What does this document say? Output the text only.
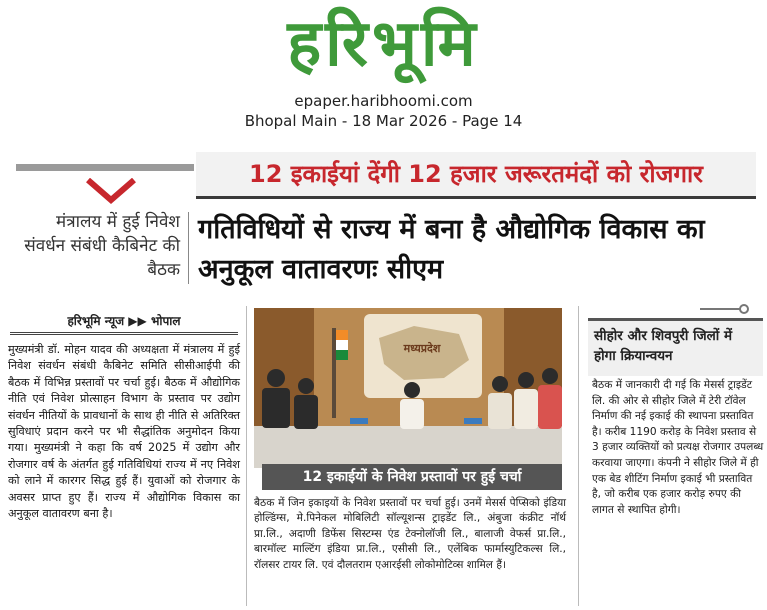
हरिभूमि
epaper.haribhoomi.com
Bhopal Main - 18 Mar 2026 - Page 14
12 इकाईयां देंगी 12 हजार जरूरतमंदों को रोजगार
मंत्रालय में हुई निवेश संवर्धन संबंधी कैबिनेट की बैठक
गतिविधियों से राज्य में बना है औद्योगिक विकास का अनुकूल वातावरणः सीएम
हरिभूमि न्यूज ▶▶ भोपाल

मुख्यमंत्री डॉ. मोहन यादव की अध्यक्षता में मंत्रालय में हुई निवेश संवर्धन संबंधी कैबिनेट समिति सीसीआईपी की बैठक में विभिन्न प्रस्तावों पर चर्चा हुई। बैठक में औद्योगिक नीति एवं निवेश प्रोत्साहन विभाग के प्रस्ताव पर उद्योग संवर्धन नीतियों के प्रावधानों के साथ ही नीति से अतिरिक्त सुविधाएं प्रदान करने पर भी सैद्धांतिक अनुमोदन किया गया। मुख्यमंत्री ने कहा कि वर्ष 2025 में उद्योग और रोजगार वर्ष के अंतर्गत हुई गतिविधियां राज्य में नए निवेश को लाने में कारगर सिद्ध हुई हैं। युवाओं को रोजगार के अवसर प्राप्त हुए हैं। राज्य में औद्योगिक विकास का अनुकूल वातावरण बना है।

मध्यप्रदेश
12 इकाईयों के निवेश प्रस्तावों पर हुई चर्चा

बैठक में जिन इकाइयों के निवेश प्रस्तावों पर चर्चा हुई। उनमें मेसर्स पेप्सिको इंडिया होल्डिंग्स, मे.पिनेकल मोबिलिटी सॉल्यूशन्स ट्राइडेंट लि., अंबुजा कंक्रीट नॉर्थ प्रा.लि., अदाणी डिफेंस सिस्टम्स एंड टेक्नोलॉजी लि., बालाजी वेफर्स प्रा.लि., बारमॉल्ट माल्टिंग इंडिया प्रा.लि., एसीसी लि., एलेंबिक फार्मास्युटिकल्स लि., रॉलसर टायर लि. एवं दौलतराम एआरईसी लोकोमोटिव्स शामिल हैं।

सीहोर और शिवपुरी जिलों में होगा क्रियान्वयन

बैठक में जानकारी दी गई कि मेसर्स ट्राइडेंट लि. की ओर से सीहोर जिले में टेरी टॉवेल निर्माण की नई इकाई की स्थापना प्रस्तावित है। करीब 1190 करोड़ के निवेश प्रस्ताव से 3 हजार व्यक्तियों को प्रत्यक्ष रोजगार उपलब्ध करवाया जाएगा। कंपनी ने सीहोर जिले में ही एक बेड शीटिंग निर्माण इकाई भी प्रस्तावित है, जो करीब एक हजार करोड़ रुपए की लागत से स्थापित होगी।
